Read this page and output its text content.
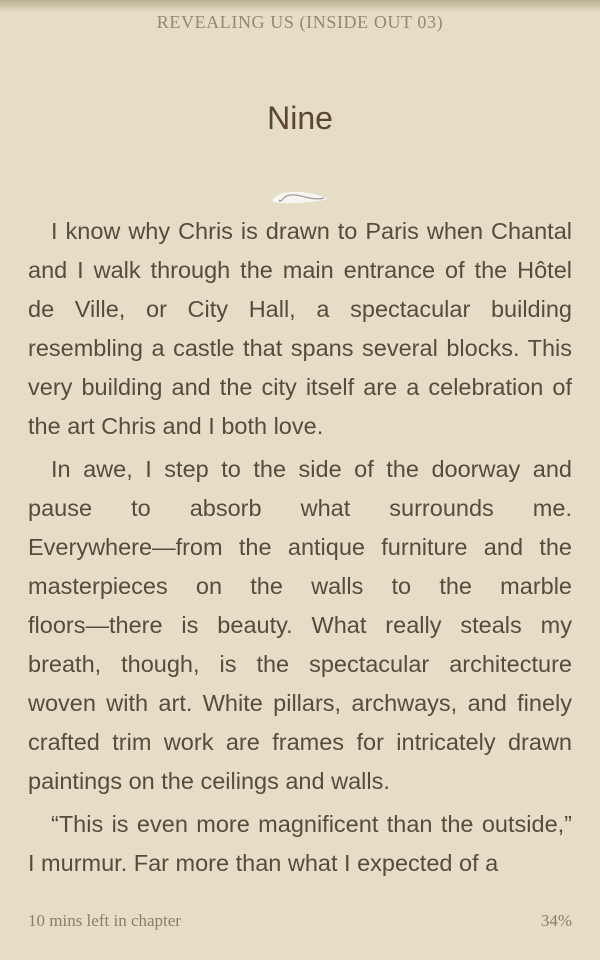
REVEALING US (INSIDE OUT 03)
Nine
I know why Chris is drawn to Paris when Chantal
and I walk through the main entrance of the Hôtel
de Ville, or City Hall, a spectacular building
resembling a castle that spans several blocks. This
very building and the city itself are a celebration of
the art Chris and I both love.
In awe, I step to the side of the doorway and
pause to absorb what surrounds me.
Everywhere—from the antique furniture and the
masterpieces on the walls to the marble
floors—there is beauty. What really steals my
breath, though, is the spectacular architecture
woven with art. White pillars, archways, and finely
crafted trim work are frames for intricately drawn
paintings on the ceilings and walls.
“This is even more magnificent than the outside,”
I murmur. Far more than what I expected of a
10 mins left in chapter	34%
